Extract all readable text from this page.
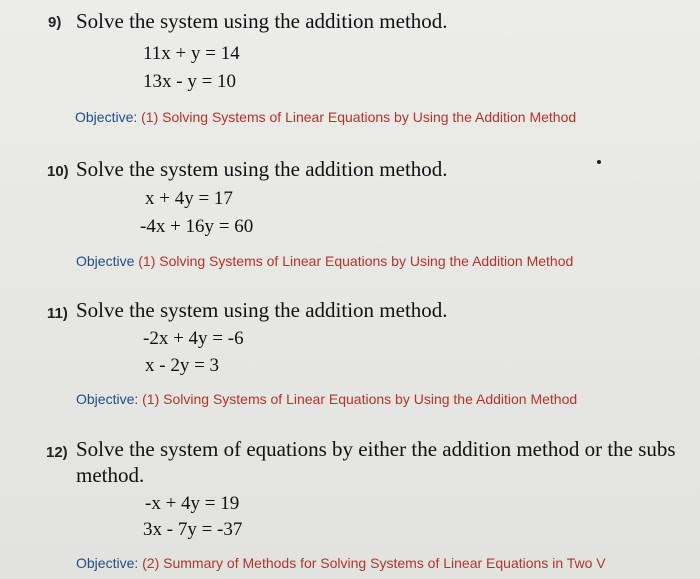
9) Solve the system using the addition method.
11x + y = 14
13x - y = 10
Objective: (1) Solving Systems of Linear Equations by Using the Addition Method
10) Solve the system using the addition method.
x + 4y = 17
-4x + 16y = 60
Objective (1) Solving Systems of Linear Equations by Using the Addition Method
11) Solve the system using the addition method.
-2x + 4y = -6
x - 2y = 3
Objective: (1) Solving Systems of Linear Equations by Using the Addition Method
12) Solve the system of equations by either the addition method or the subs
method.
-x + 4y = 19
3x - 7y = -37
Objective: (2) Summary of Methods for Solving Systems of Linear Equations in Two V
